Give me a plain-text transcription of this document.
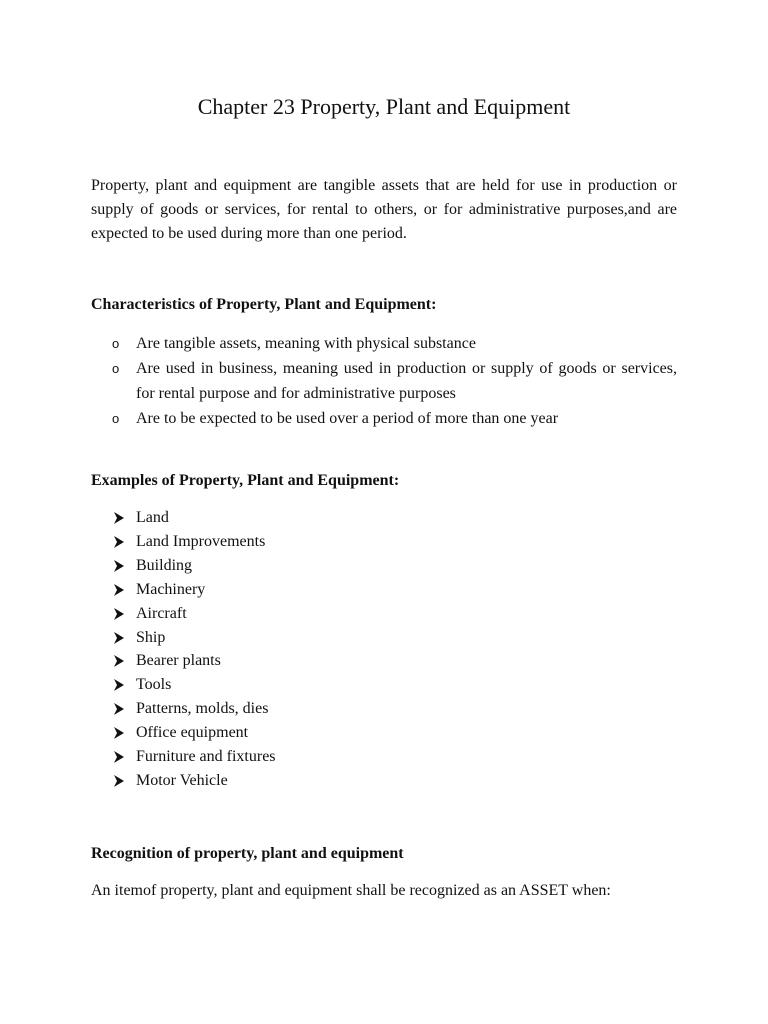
Chapter 23 Property, Plant and Equipment

Property, plant and equipment are tangible assets that are held for use in production or supply of goods or services, for rental to others, or for administrative purposes,and are expected to be used during more than one period.

Characteristics of Property, Plant and Equipment:
o Are tangible assets, meaning with physical substance
o Are used in business, meaning used in production or supply of goods or services, for rental purpose and for administrative purposes
o Are to be expected to be used over a period of more than one year
Examples of Property, Plant and Equipment:
Land
Land Improvements
Building
Machinery
Aircraft
Ship
Bearer plants
Tools
Patterns, molds, dies
Office equipment
Furniture and fixtures
Motor Vehicle
Recognition of property, plant and equipment
An itemof property, plant and equipment shall be recognized as an ASSET when:
